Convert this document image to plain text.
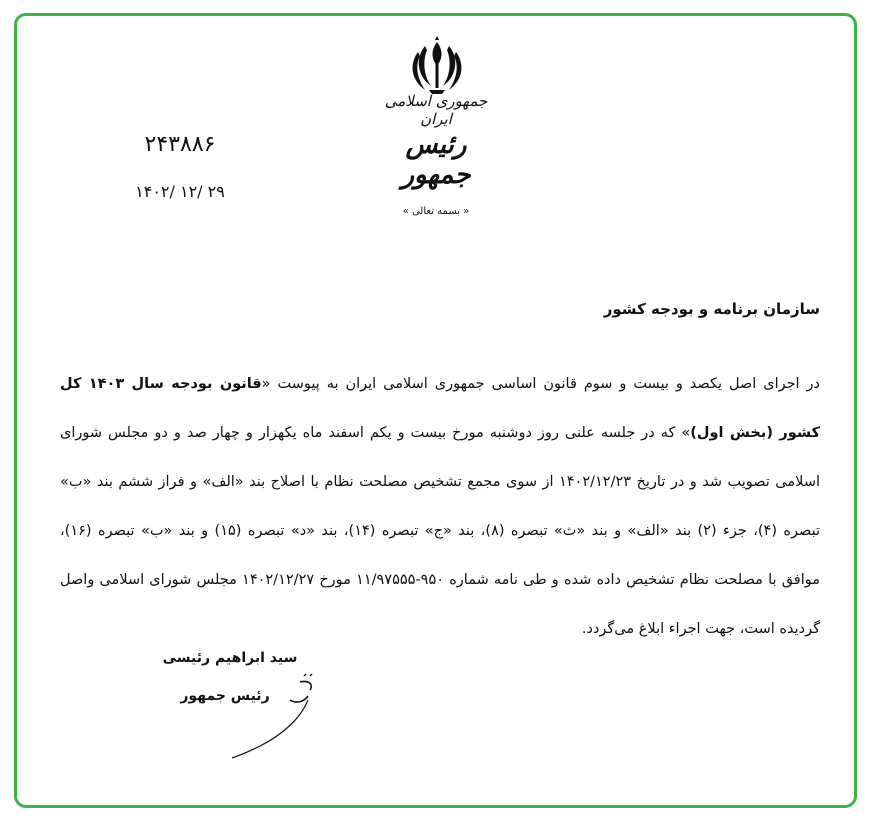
جمهوری اسلامی ایران
رئیس جمهور
« بسمه تعالی »
۲۴۳۸۸۶
۱۴۰۲/ ۱۲/ ۲۹
سازمان برنامه و بودجه کشور
در اجرای اصل یکصد و بیست و سوم قانون اساسی جمهوری اسلامی ایران به پیوست «قانون بودجه سال ۱۴۰۳ کل کشور (بخش اول)» که در جلسه علنی روز دوشنبه مورخ بیست و یکم اسفند ماه یکهزار و چهار صد و دو مجلس شورای اسلامی تصویب شد و در تاریخ ۱۴۰۲/۱۲/۲۳ از سوی مجمع تشخیص مصلحت نظام با اصلاح بند «الف» و فراز ششم بند «ب» تبصره (۴)، جزء (۲) بند «الف» و بند «ث» تبصره (۸)، بند «ج» تبصره (۱۴)، بند «د» تبصره (۱۵) و بند «ب» تبصره (۱۶)، موافق با مصلحت نظام تشخیص داده شده و طی نامه شماره ۹۵۰-۱۱/۹۷۵۵۵ مورخ ۱۴۰۲/۱۲/۲۷ مجلس شورای اسلامی واصل گردیده است، جهت اجراء ابلاغ می‌گردد.
سید ابراهیم رئیسی
رئیس جمهور
